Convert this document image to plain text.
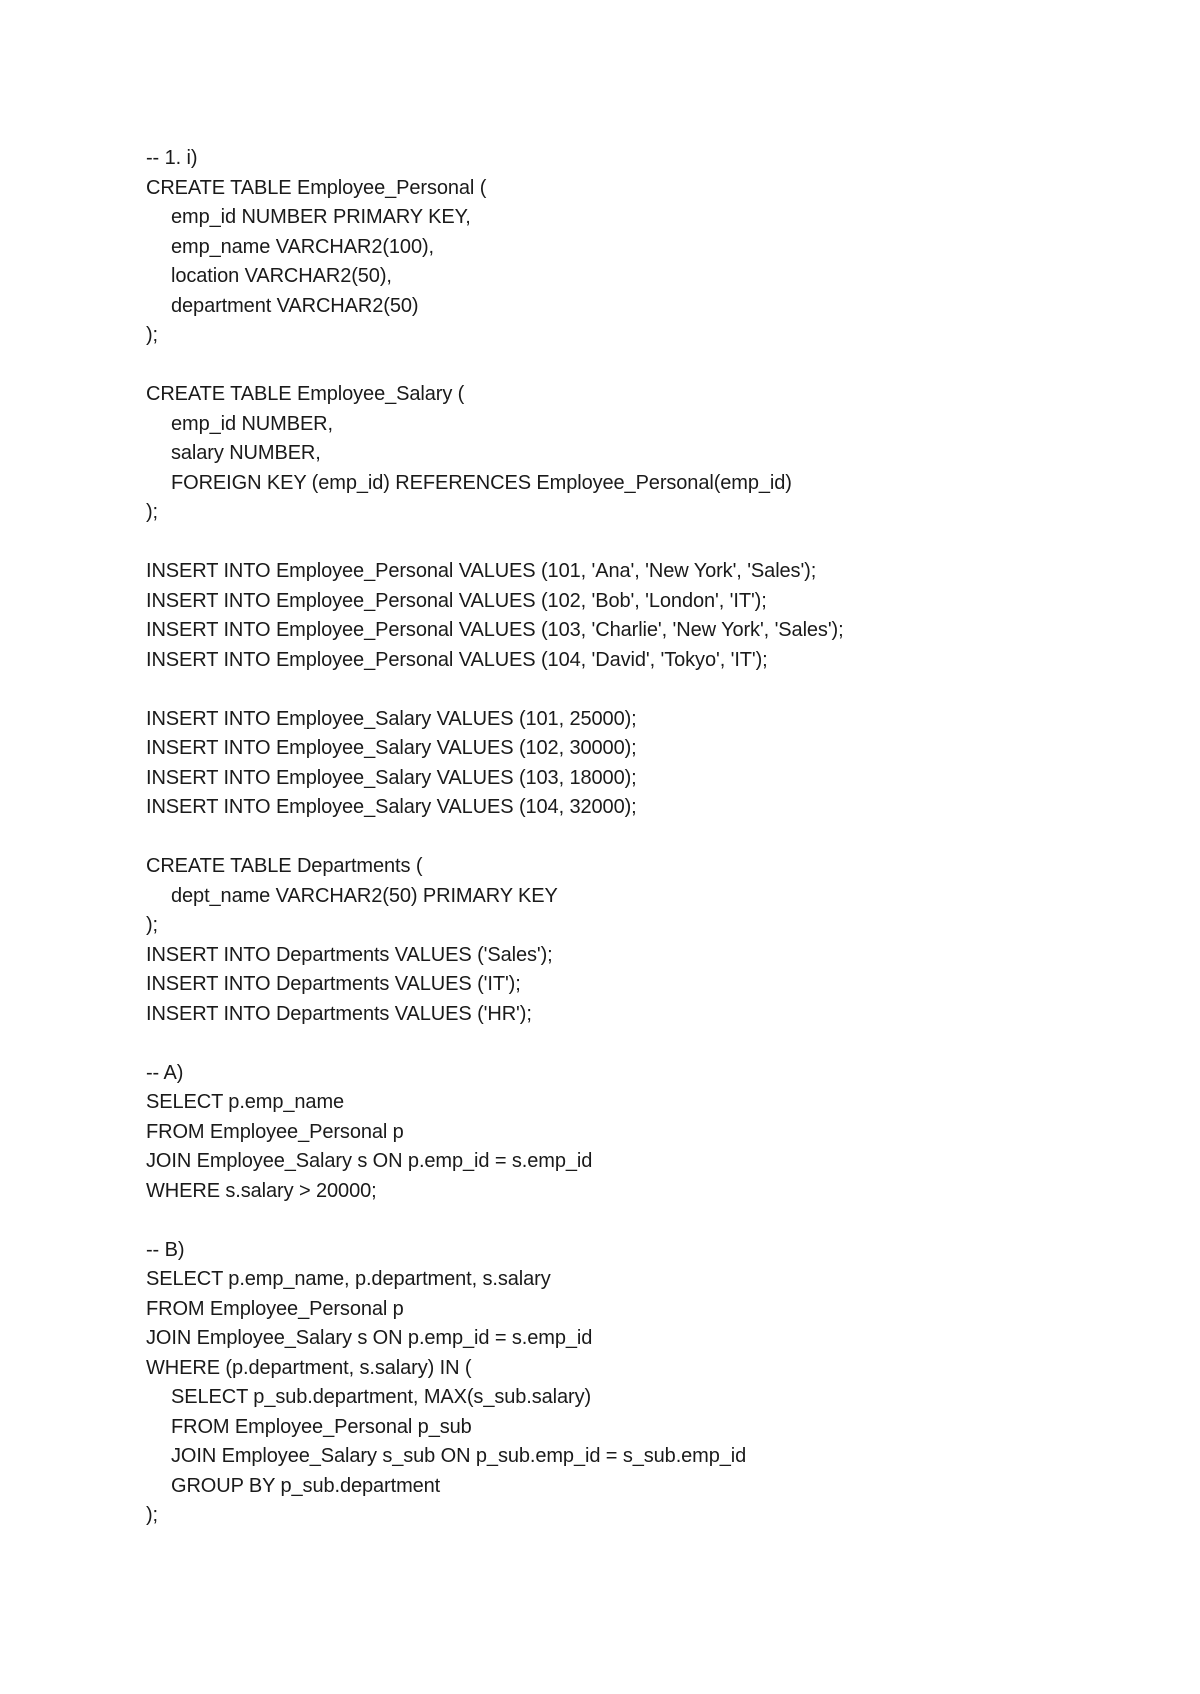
-- 1. i)
CREATE TABLE Employee_Personal (
emp_id NUMBER PRIMARY KEY,
emp_name VARCHAR2(100),
location VARCHAR2(50),
department VARCHAR2(50)
);
CREATE TABLE Employee_Salary (
emp_id NUMBER,
salary NUMBER,
FOREIGN KEY (emp_id) REFERENCES Employee_Personal(emp_id)
);
INSERT INTO Employee_Personal VALUES (101, 'Ana', 'New York', 'Sales');
INSERT INTO Employee_Personal VALUES (102, 'Bob', 'London', 'IT');
INSERT INTO Employee_Personal VALUES (103, 'Charlie', 'New York', 'Sales');
INSERT INTO Employee_Personal VALUES (104, 'David', 'Tokyo', 'IT');
INSERT INTO Employee_Salary VALUES (101, 25000);
INSERT INTO Employee_Salary VALUES (102, 30000);
INSERT INTO Employee_Salary VALUES (103, 18000);
INSERT INTO Employee_Salary VALUES (104, 32000);
CREATE TABLE Departments (
dept_name VARCHAR2(50) PRIMARY KEY
);
INSERT INTO Departments VALUES ('Sales');
INSERT INTO Departments VALUES ('IT');
INSERT INTO Departments VALUES ('HR');
-- A)
SELECT p.emp_name
FROM Employee_Personal p
JOIN Employee_Salary s ON p.emp_id = s.emp_id
WHERE s.salary > 20000;
-- B)
SELECT p.emp_name, p.department, s.salary
FROM Employee_Personal p
JOIN Employee_Salary s ON p.emp_id = s.emp_id
WHERE (p.department, s.salary) IN (
SELECT p_sub.department, MAX(s_sub.salary)
FROM Employee_Personal p_sub
JOIN Employee_Salary s_sub ON p_sub.emp_id = s_sub.emp_id
GROUP BY p_sub.department
);
